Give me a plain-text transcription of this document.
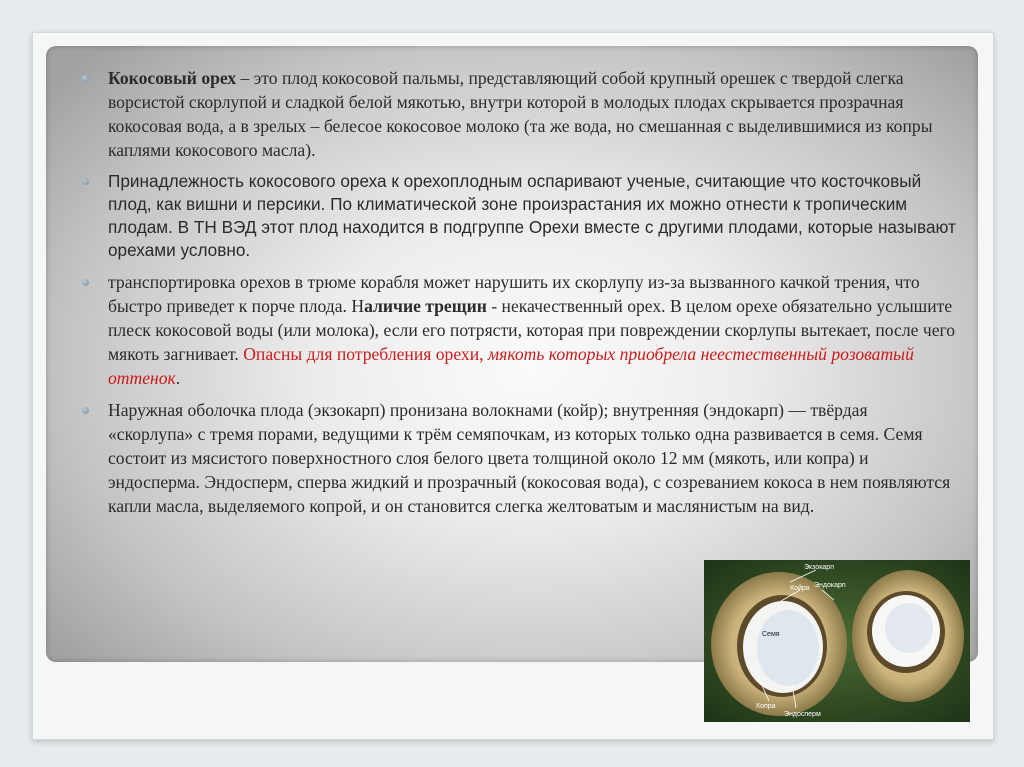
Кокосовый орех – это плод кокосовой пальмы, представляющий собой крупный орешек с твердой слегка ворсистой скорлупой и сладкой белой мякотью, внутри которой в молодых плодах скрывается прозрачная кокосовая вода, а в зрелых – белесое кокосовое молоко (та же вода, но смешанная с выделившимися из копры каплями кокосового масла).
Принадлежность кокосового ореха к орехоплодным оспаривают ученые, считающие что косточковый плод, как вишни и персики. По климатической зоне произрастания их можно отнести к тропическим плодам. В ТН ВЭД этот плод находится в подгруппе Орехи вместе с другими плодами, которые называют орехами условно.
транспортировка орехов в трюме корабля может нарушить их скорлупу из-за вызванного качкой трения, что быстро приведет к порче плода. Наличие трещин - некачественный орех. В целом орехе обязательно услышите плеск кокосовой воды (или молока), если его потрясти, которая при повреждении скорлупы вытекает, после чего мякоть загнивает. Опасны для потребления орехи, мякоть которых приобрела неестественный розоватый оттенок.
Наружная оболочка плода (экзокарп) пронизана волокнами (койр); внутренняя (эндокарп) — твёрдая «скорлупа» с тремя порами, ведущими к трём семяпочкам, из которых только одна развивается в семя. Семя состоит из мясистого поверхностного слоя белого цвета толщиной около 12 мм (мякоть, или копра) и эндосперма. Эндосперм, сперва жидкий и прозрачный (кокосовая вода), с созреванием кокоса в нем появляются капли масла, выделяемого копрой, и он становится слегка желтоватым и маслянистым на вид.
Экзокарп
Койра Эндокарп
Семя
Копра
Эндосперм
